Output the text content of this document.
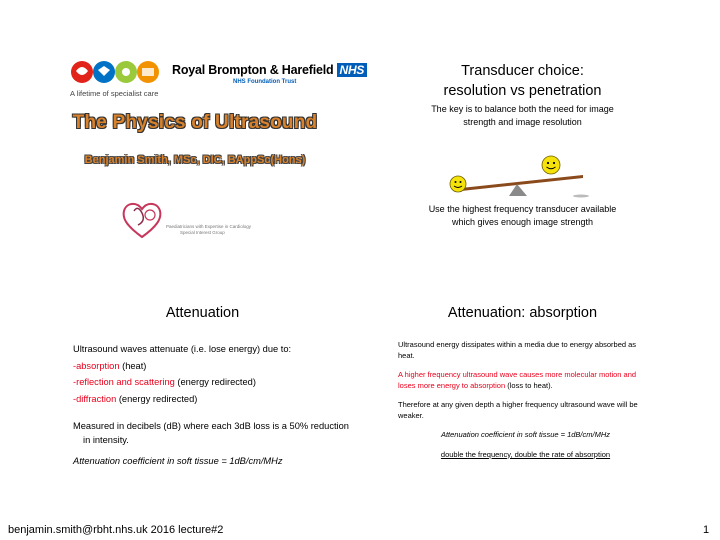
Royal Brompton & Harefield NHS
NHS Foundation Trust
A lifetime of specialist care
The Physics of Ultrasound
Benjamin Smith, MSc, DIC, BAppSc(Hons)
Paediatricians with Expertise in Cardiology
Special Interest Group
Transducer choice:
resolution vs penetration
The key is to balance both the need for image
strength and image resolution
Use the highest frequency transducer available
which gives enough image strength
Attenuation

Ultrasound waves attenuate (i.e. lose energy) due to:

-absorption (heat)

-reflection and scattering (energy redirected)

-diffraction (energy redirected)

Measured in decibels (dB) where each 3dB loss is a 50% reduction in intensity.

Attenuation coefficient in soft tissue = 1dB/cm/MHz

Attenuation: absorption

Ultrasound energy dissipates within a media due to energy absorbed as heat.

A higher frequency ultrasound wave causes more molecular motion and loses more energy to absorption (loss to heat).

Therefore at any given depth a higher frequency ultrasound wave will be weaker.

Attenuation coefficient in soft tissue = 1dB/cm/MHz

double the frequency, double the rate of absorption

benjamin.smith@rbht.nhs.uk 2016 lecture#2	1
